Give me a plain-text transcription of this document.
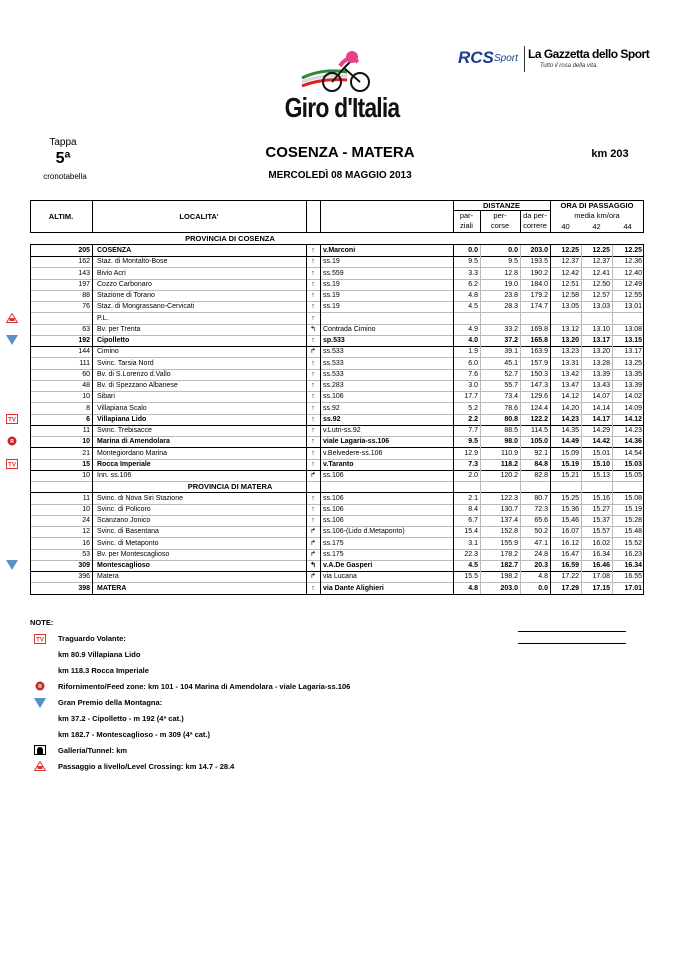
Giro d'Italia
RCS Sport La Gazzetta dello Sport
Tutto il rosa della vita.
Tappa
5ª
cronotabella
COSENZA - MATERA
MERCOLEDÌ 08 MAGGIO 2013
km 203
ALTIM.	LOCALITA'
DISTANZE
par-
ziali
per-
corse
da per-
correre
ORA DI PASSAGGIO
media km/ora
40	42	44
PROVINCIA DI COSENZA
205 COSENZA	↑	v.Marconi	0.0	0.0	203.0	12.25	12.25	12.25
162 Staz. di Montalto-Bose	↑	ss.19	9.5	9.5	193.5	12.37	12.37	12.36
143 Bivio Acri	↑	ss.559	3.3	12.8	190.2	12.42	12.41	12.40
197 Cozzo Carbonaro	↑	ss.19	6.2	19.0	184.0	12.51	12.50	12.49
88 Stazione di Torano	↑	ss.19	4.8	23.8	179.2	12.58	12.57	12.55
76 Staz. di Mongrassano-Cervicati	↑	ss.19	4.5	28.3	174.7	13.05	13.03	13.01
P.L.	↑
63 Bv. per Trenta	↰	Contrada Cimino	4.9	33.2	169.8	13.12	13.10	13.08
192 Cipolletto	↑	sp.533	4.0	37.2	165.8	13.20	13.17	13.15
144 Cimino	↱	ss.533	1.9	39.1	163.9	13.23	13.20	13.17
111 Svinc. Tarsia Nord	↑	ss.533	6.0	45.1	157.9	13.31	13.28	13.25
60 Bv. di S.Lorenzo d.Vallo	↑	ss.533	7.6	52.7	150.3	13.42	13.39	13.35
48 Bv. di Spezzano Albanese	↑	ss.283	3.0	55.7	147.3	13.47	13.43	13.39
10 Sibari	↑	ss.106	17.7	73.4	129.6	14.12	14.07	14.02
8 Villapiana Scalo	↑	ss.92	5.2	78.6	124.4	14.20	14.14	14.09
6 Villapiana Lido	↑	ss.92	2.2	80.8	122.2	14.23	14.17	14.12
TV
11 Svinc. Trebisacce	↑	v.Lutri-ss.92	7.7	88.5	114.5	14.35	14.29	14.23
10 Marina di Amendolara	↑	viale Lagaria-ss.106	9.5	98.0	105.0	14.49	14.42	14.36
R
21 Montegiordano Marina	↑	v.Belvedere-ss.106	12.9	110.9	92.1	15.09	15.01	14.54
15 Rocca Imperiale	↑	v.Taranto	7.3	118.2	84.8	15.19	15.10	15.03
TV
10 Inn. ss.106	↱	ss.106	2.0	120.2	82.8	15.21	15.13	15.05
11 Svinc. di Nova Siri Stazione	↑	ss.106	2.1	122.3	80.7	15.25	15.16	15.08
10 Svinc. di Policoro	↑	ss.106	8.4	130.7	72.3	15.36	15.27	15.19
24 Scanzano Jonico	↑	ss.106	6.7	137.4	65.6	15.46	15.37	15.28
12 Svinc. di Basentana	↱	ss.106-(Lido d.Metaponto)	15.4	152.8	50.2	16.07	15.57	15.48
16 Svinc. di Metaponto	↱	ss.175	3.1	155.9	47.1	16.12	16.02	15.52
53 Bv. per Montescaglioso	↱	ss.175	22.3	178.2	24.8	16.47	16.34	16.23
309 Montescaglioso	↰	v.A.De Gasperi	4.5	182.7	20.3	16.59	16.46	16.34
396 Matera	↱	via Lucana	15.5	198.2	4.8	17.22	17.08	16.55
398 MATERA	↑	via Dante Alighieri	4.8	203.0	0.0	17.29	17.15	17.01
PROVINCIA DI MATERA
NOTE:
TV Traguardo Volante:
km 80.9 Villapiana Lido
km 118.3 Rocca Imperiale
R Rifornimento/Feed zone: km 101 - 104 Marina di Amendolara - viale Lagaria-ss.106
Gran Premio della Montagna:
km 37.2 - Cipolletto - m 192 (4ª cat.)
km 182.7 - Montescaglioso - m 309 (4ª cat.)
Galleria/Tunnel: km
Passaggio a livello/Level Crossing: km 14.7 - 28.4
